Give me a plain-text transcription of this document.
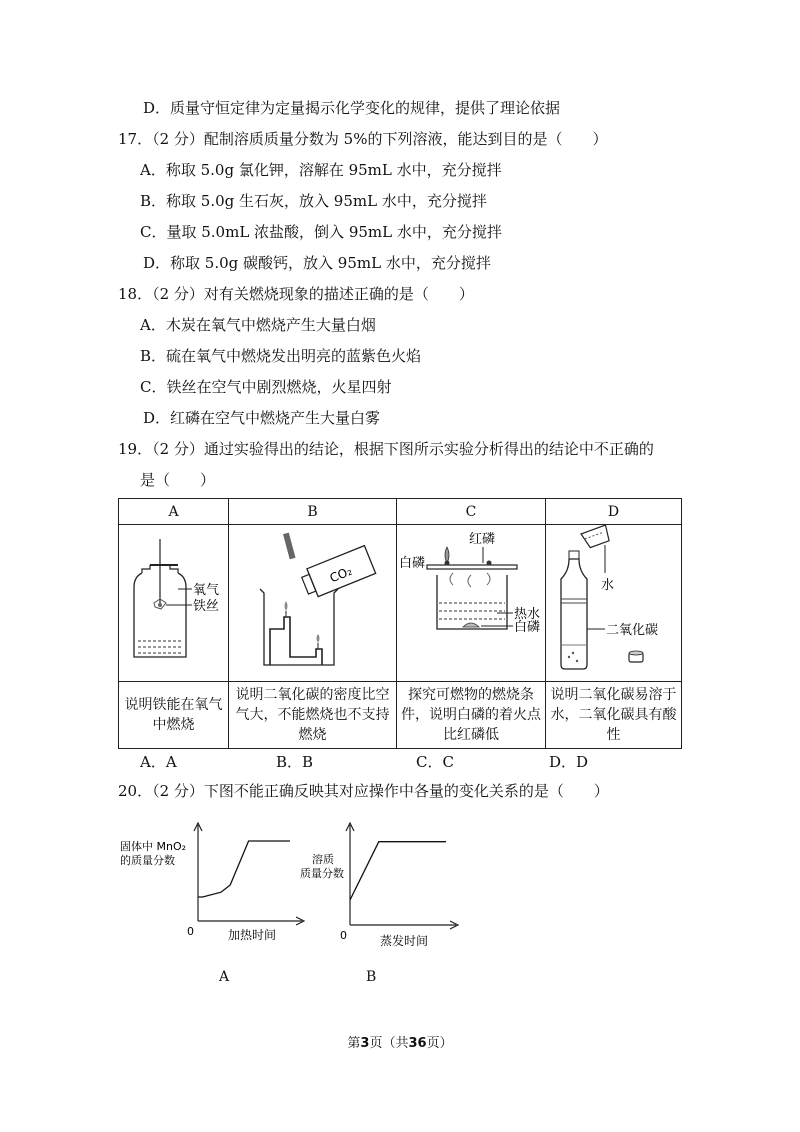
D．质量守恒定律为定量揭示化学变化的规律，提供了理论依据
17．（2 分）配制溶质质量分数为 5%的下列溶液，能达到目的是（　　）
A．称取 5.0g 氯化钾，溶解在 95mL 水中，充分搅拌
B．称取 5.0g 生石灰，放入 95mL 水中，充分搅拌
C．量取 5.0mL 浓盐酸，倒入 95mL 水中，充分搅拌
D．称取 5.0g 碳酸钙，放入 95mL 水中，充分搅拌
18．（2 分）对有关燃烧现象的描述正确的是（　　）
A．木炭在氧气中燃烧产生大量白烟
B．硫在氧气中燃烧发出明亮的蓝紫色火焰
C．铁丝在空气中剧烈燃烧，火星四射
D．红磷在空气中燃烧产生大量白雾
19．（2 分）通过实验得出的结论，根据下图所示实验分析得出的结论中不正确的
是（　　）
A	B	C	D

氧气
铁丝	CO₂	红磷
白磷
热水
白磷	水
二氧化碳

说明铁能在氧气中燃烧	说明二氧化碳的密度比空气大，不能燃烧也不支持燃烧	探究可燃物的燃烧条件，说明白磷的着火点比红磷低	说明二氧化碳易溶于水，二氧化碳具有酸性
A．A	B．B	C．C	D．D
20．（2 分）下图不能正确反映其对应操作中各量的变化关系的是（　　）
固体中 MnO₂
的质量分数
0	加热时间
溶质
质量分数
0	蒸发时间
A	B
第3页（共36页）
